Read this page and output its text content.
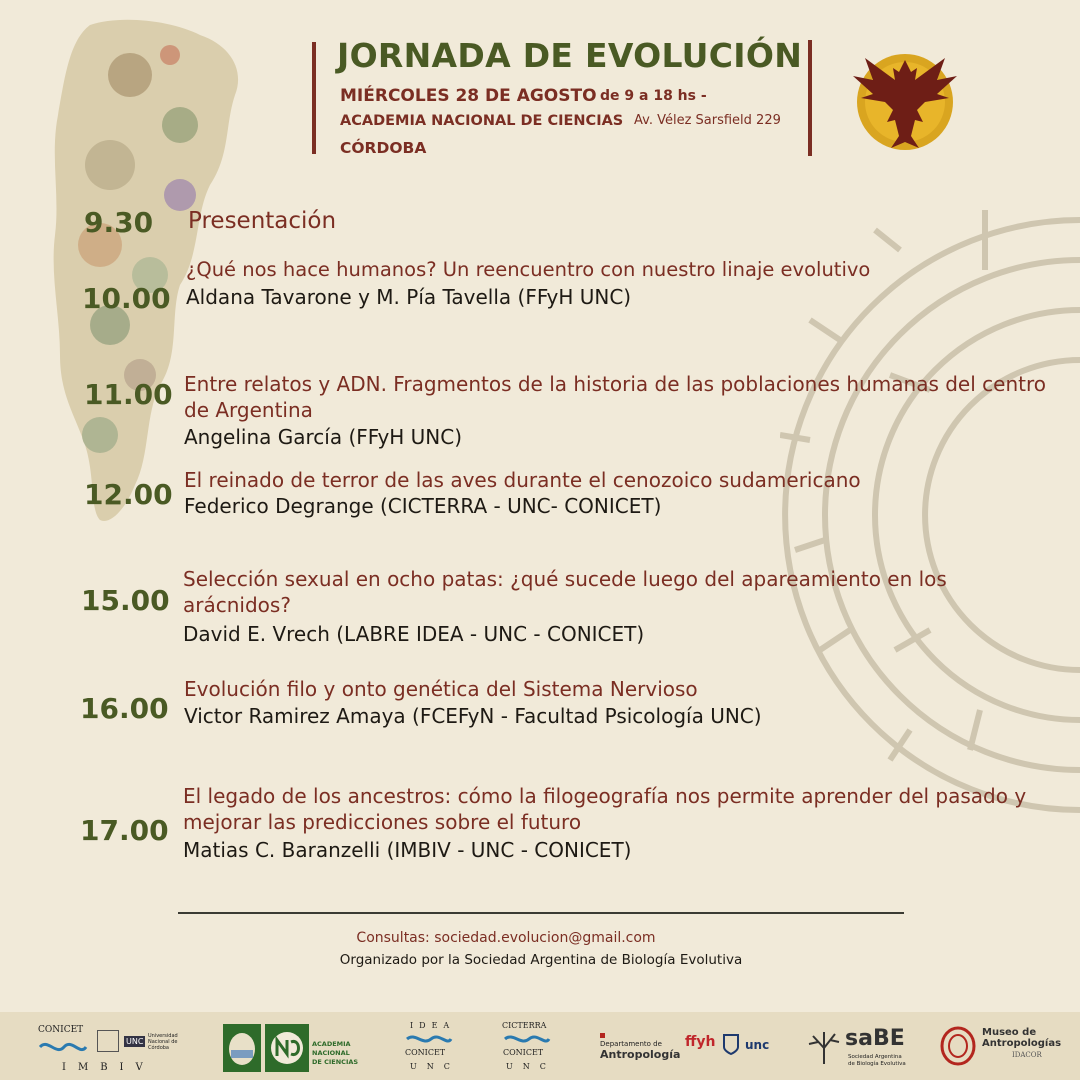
JORNADA DE EVOLUCIÓN
MIÉRCOLES 28 DE AGOSTO de 9 a 18 hs -
ACADEMIA NACIONAL DE CIENCIAS Av. Vélez Sarsfield 229
CÓRDOBA
9.30 Presentación
10.00
¿Qué nos hace humanos? Un reencuentro con nuestro linaje evolutivo
Aldana Tavarone y M. Pía Tavella (FFyH UNC)
11.00 Entre relatos y ADN. Fragmentos de la historia de las poblaciones humanas del centro de Argentina
Angelina García (FFyH UNC)
12.00 El reinado de terror de las aves durante el cenozoico sudamericano
Federico Degrange (CICTERRA - UNC- CONICET)
15.00
Selección sexual en ocho patas: ¿qué sucede luego del apareamiento en los arácnidos?
David E. Vrech (LABRE IDEA - UNC - CONICET)
16.00
Evolución filo y onto genética del Sistema Nervioso
Victor Ramirez Amaya (FCEFyN - Facultad Psicología UNC)
17.00
El legado de los ancestros: cómo la filogeografía nos permite aprender del pasado y mejorar las predicciones sobre el futuro
Matias C. Baranzelli (IMBIV - UNC - CONICET)
Consultas: sociedad.evolucion@gmail.com
Organizado por la Sociedad Argentina de Biología Evolutiva
CONICET
UNC
Universidad Nacional de Córdoba
IMBIV
ACADEMIA
NACIONAL
DE CIENCIAS
IDEA
CONICET
UNC
CICTERRA
CONICET
UNC
Departamento de
Antropología
ffyh unc	saBE
Sociedad Argentina
de Biología Evolutiva
Museo de
Antropologías
IDACOR
